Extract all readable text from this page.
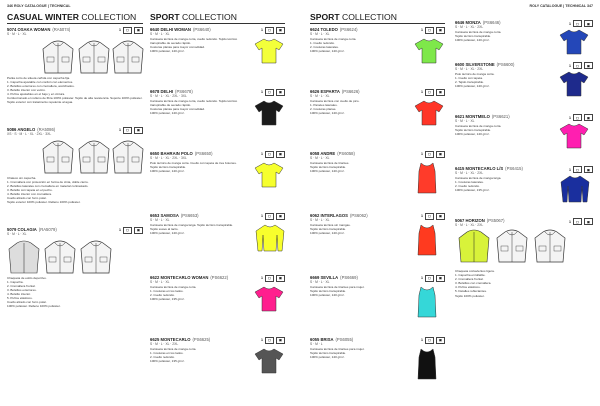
346 ROLY CATALOGUE | TECHNICAL	ROLY CATALOGUE | TECHNICAL 347
CASUAL WINTER COLLECTION
5074 OSAKA WOMAN (RA5074)
S · M · L · XL
1	▢	▣

Parka corto de silueta ceñida con capucha fija.

1. Capucha ajustable con cordón con elementos.

2. Bolsillos exteriores con cremallera, acolchados.

3. Bolsillo interior con velcro.

4. Puños ajustables en el bajo y en cintura.

Confeccionado en relleno de fibra 100% poliéster. Tejido de alta resistencia. Soporte 100% poliéster.

Tejido exterior con tratamiento repelente al agua.

5086 ANGELO (RA5086)
XS · S · M · L · XL · 2XL · 3XL
1	▢	▣

Chaleco sin capucha.

1. Cremallera con protección en forma de cinta, doble cierre.

2. Bolsillos laterales con cremallera en material contrastado.

3. Bolsillo con tapeta en el pecho.

4. Bolsillo interior con cremallera.

Cuello alzado con forro polar.

Tejido exterior 100% poliéster. Relleno 100% poliéster.

5079 COLAGIA (RA5079)
S · M · L · XL
1	▢	▣

Chaqueta de estilo deportivo.

1. Capucha.

2. Cremallera frontal.

3. Bolsillos exteriores.

4. Bolsillo interior.

5. Puños elásticos.

Cuello alzado con forro polar.

100% poliéster. Relleno 100% poliéster.

SPORT COLLECTION
6640 DELHI WOMAN (PS6640)
S · M · L · XL
1	▢	▣

Camiseta técnica de manga corta, cuello redondo. Tejido técnico transpirable de secado rápido.

Costuras planas para mayor comodidad.

100% poliéster, 140 g/m².

6678 DELHI (PS6678)
S · M · L · XL · 2XL · 3XL
1	▢	▣

Camiseta técnica de manga corta, cuello redondo. Tejido técnico transpirable de secado rápido.

Costuras planas para mayor comodidad.

100% poliéster, 140 g/m².

6650 BAHRAIN POLO (PS6650)
S · M · L · XL · 2XL · 3XL
1	▢	▣

Polo técnico de manga corta. Cuello con tapeta de tres botones.

Tejido técnico transpirable.

100% poliéster, 140 g/m².

6653 SAMOSA (PS6653)
S · M · L · XL
1	▢	▣

Camiseta técnica de manga larga. Tejido técnico transpirable.

Tejido suave al tacto.

100% poliéster, 140 g/m².

6622 MONTECARLO WOMAN (PS6622)
S · M · L · XL
1	▢	▣

Camiseta técnica de manga corta.

1. Costuras en los lados.

2. Cuello redondo.

100% poliéster, 135 g/m².

6625 MONTECARLO (PS6625)
S · M · L · XL · 2XL
1	▢	▣

Camiseta técnica de manga corta.

1. Costuras en los lados.

2. Cuello redondo.

100% poliéster, 135 g/m².

SPORT COLLECTION
6624 TOLEDO (PS6624)
S · M · L · XL
1	▢	▣

Camiseta técnica de manga corta.

1. Cuello redondo.

2. Costuras laterales.

100% poliéster, 140 g/m².

6626 ESPARTA (PS6626)
S · M · L · XL
1	▢	▣

Camiseta técnica con cuello de pico.

1. Paneles laterales.

2. Costuras planas.

100% poliéster, 140 g/m².

6058 ANDRE (PS6058)
S · M · L · XL
1	▢	▣

Camiseta técnica de tirantes.

Tejido técnico transpirable.

100% poliéster, 140 g/m².

6062 INTERLAGOS (PS6062)
S · M · L · XL
1	▢	▣

Camiseta técnica sin mangas.

Tejido técnico transpirable.

100% poliéster, 140 g/m².

6669 SEVILLA (PS6669)
S · M · L · XL
1	▢	▣

Camiseta técnica de tirantes para mujer.

Tejido técnico transpirable.

100% poliéster, 140 g/m².

6055 BRISA (PS6055)
S · M · L
1	▢	▣

Camiseta técnica de tirantes para mujer.

Tejido técnico transpirable.

100% poliéster, 140 g/m².

6646 MONZA (PS6646)
S · M · L · XL · 2XL
1	▢	▣

Camiseta técnica de manga corta.

Tejido técnico transpirable.

100% poliéster, 140 g/m².

6600 SILVERSTONE (PS6600)
S · M · L · XL · 2XL
1	▢	▣

Polo técnico de manga corta.

1. Cuello con tapeta.

2. Tejido transpirable.

100% poliéster, 140 g/m².

6621 MONTMELO (PS6621)
S · M · L · XL
1	▢	▣

Camiseta técnica de manga corta.

Tejido técnico transpirable.

100% poliéster, 140 g/m².

6415 MONTECARLO L/S (PS6415)
S · M · L · XL · 2XL
1	▢	▣

Camiseta técnica de manga larga.

1. Costuras laterales.

2. Cuello redondo.

100% poliéster, 135 g/m².

5067 HORIZON (PS5067)
S · M · L · XL · 2XL
1	▢	▣

Chaqueta cortavientos ligera.

1. Capucha enrollable.

2. Cremallera frontal.

3. Bolsillos con cremallera.

4. Puños elásticos.

5. Detalles reflectantes.

Tejido 100% poliéster.
